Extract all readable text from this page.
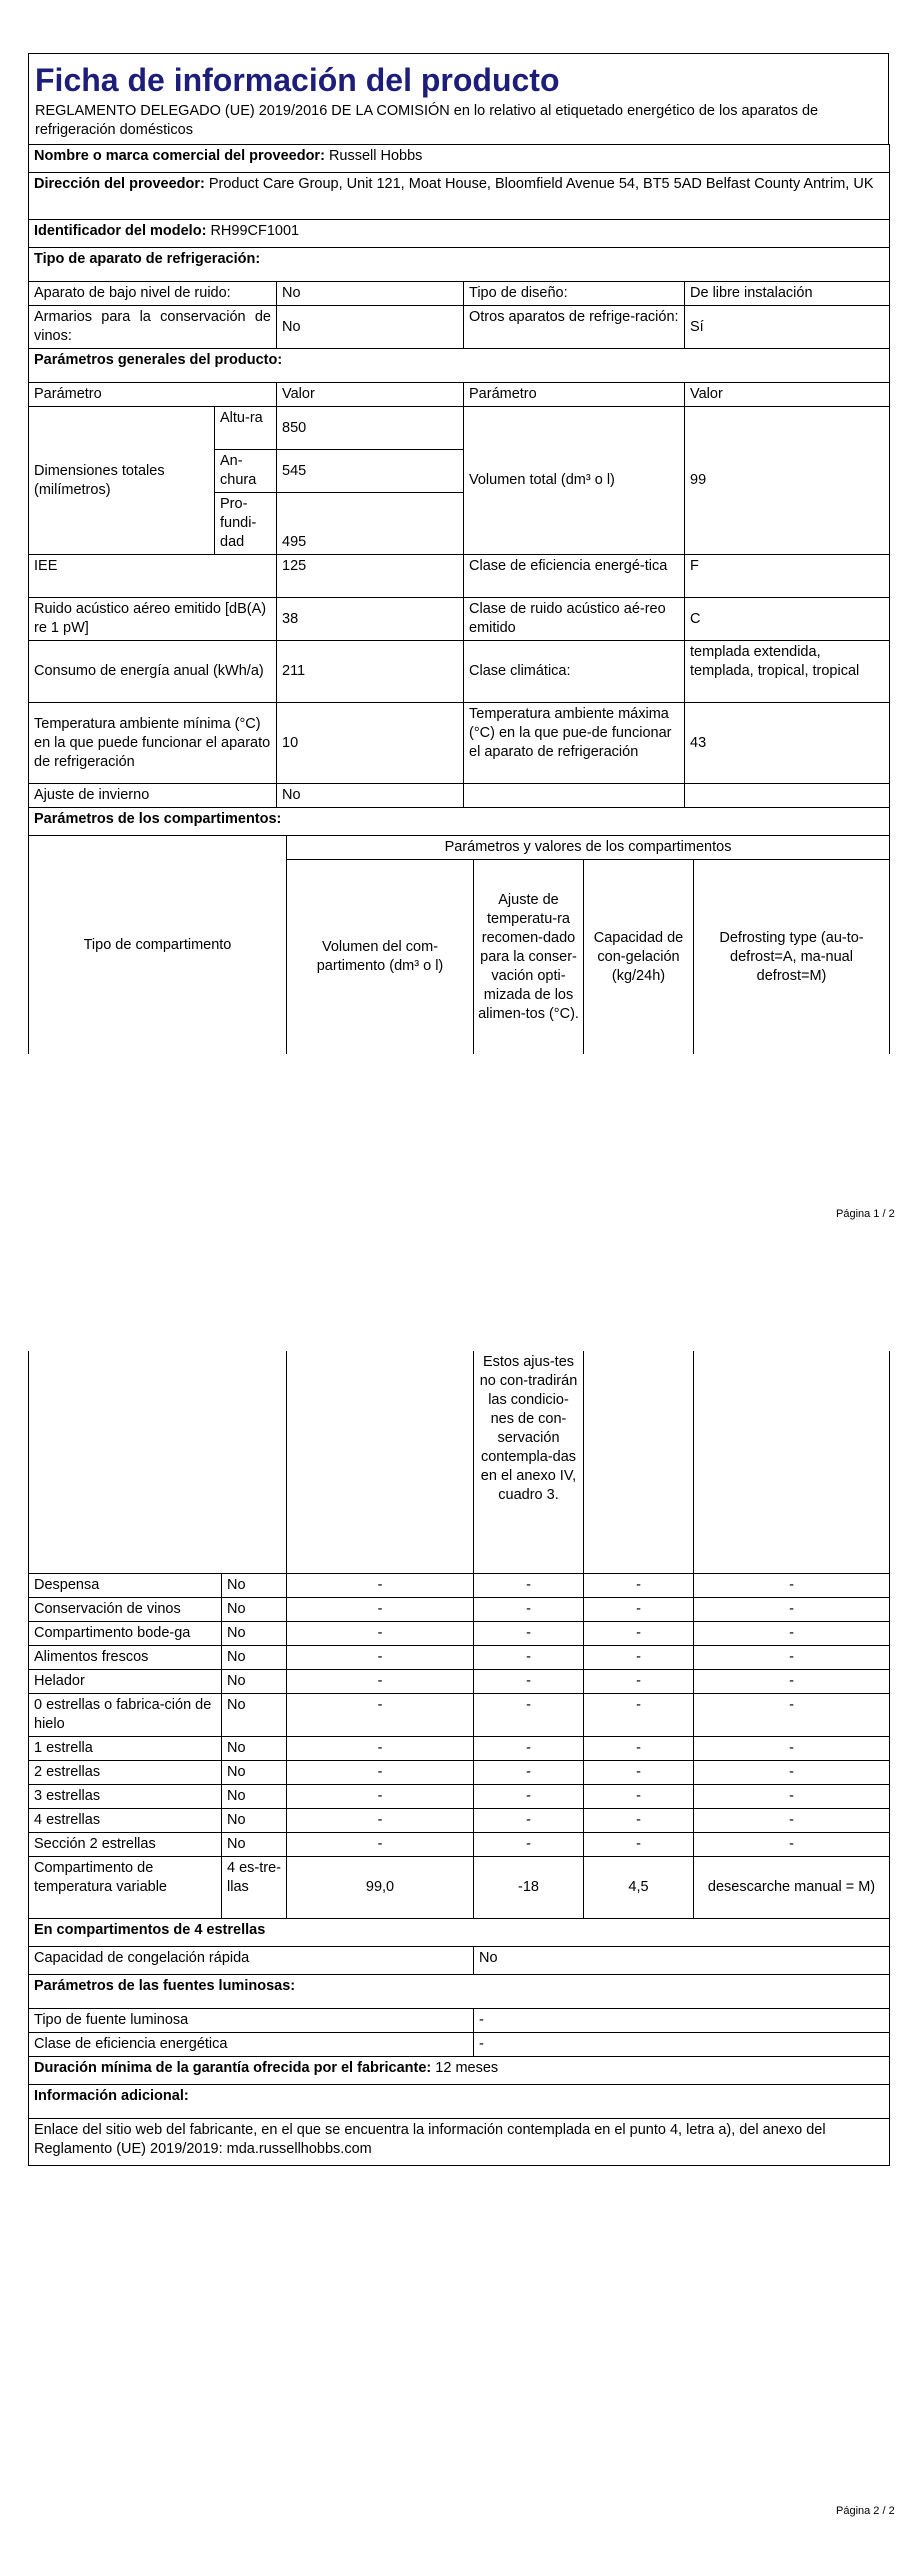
Ficha de información del producto
REGLAMENTO DELEGADO (UE) 2019/2016 DE LA COMISIÓN en lo relativo al etiquetado energético de los aparatos de refrigeración domésticos
Nombre o marca comercial del proveedor: Russell Hobbs				
Dirección del proveedor: Product Care Group, Unit 121, Moat House, Bloomfield Avenue 54, BT5 5AD Belfast County Antrim, UK				
Identificador del modelo: RH99CF1001				
Tipo de aparato de refrigeración:				
Aparato de bajo nivel de ruido:		No	Tipo de diseño:	De libre instalación
Armarios para la conservación de vinos:		No	Otros aparatos de refrige-ración:	Sí
Parámetros generales del producto:				
Parámetro		Valor	Parámetro	Valor
Dimensiones totales (milímetros)	Altu-ra	850	Volumen total (dm³ o l)	99
	An-chura	545		
	Pro-fundi-dad	495		
IEE		125	Clase de eficiencia energé-tica	F
Ruido acústico aéreo emitido [dB(A) re 1 pW]		38	Clase de ruido acústico aé-reo emitido	C
Consumo de energía anual (kWh/a)		211	Clase climática:	templada extendida, templada, tropical, tropical
Temperatura ambiente mínima (°C) en la que puede funcionar el aparato de refrigeración		10	Temperatura ambiente máxima (°C) en la que pue-de funcionar el aparato de refrigeración	43
Ajuste de invierno		No		
Parámetros de los compartimentos:				
Tipo de compartimento	Parámetros y valores de los compartimentos			
	Volumen del com-partimento (dm³ o l)	Ajuste de temperatu-ra recomen-dado para la conser-vación opti-mizada de los alimen-tos (°C).	Capacidad de con-gelación (kg/24h)	Defrosting type (au-to-defrost=A, ma-nual defrost=M)
Página 1 / 2
			Estos ajus-tes no con-tradirán las condicio-nes de con-servación contempla-das en el anexo IV, cuadro 3.		
Despensa	No	-	-	-	-
Conservación de vinos	No	-	-	-	-
Compartimento bode-ga	No	-	-	-	-
Alimentos frescos	No	-	-	-	-
Helador	No	-	-	-	-
0 estrellas o fabrica-ción de hielo	No	-	-	-	-
1 estrella	No	-	-	-	-
2 estrellas	No	-	-	-	-
3 estrellas	No	-	-	-	-
4 estrellas	No	-	-	-	-
Sección 2 estrellas	No	-	-	-	-
Compartimento de temperatura variable	4 es-tre-llas	99,0	-18	4,5	desescarche manual = M)
En compartimentos de 4 estrellas					
Capacidad de congelación rápida	No
Parámetros de las fuentes luminosas:	
Tipo de fuente luminosa	-
Clase de eficiencia energética	-
Duración mínima de la garantía ofrecida por el fabricante: 12 meses	
Información adicional:	
Enlace del sitio web del fabricante, en el que se encuentra la información contemplada en el punto 4, letra a), del anexo del Reglamento (UE) 2019/2019: mda.russellhobbs.com	
Página 2 / 2
